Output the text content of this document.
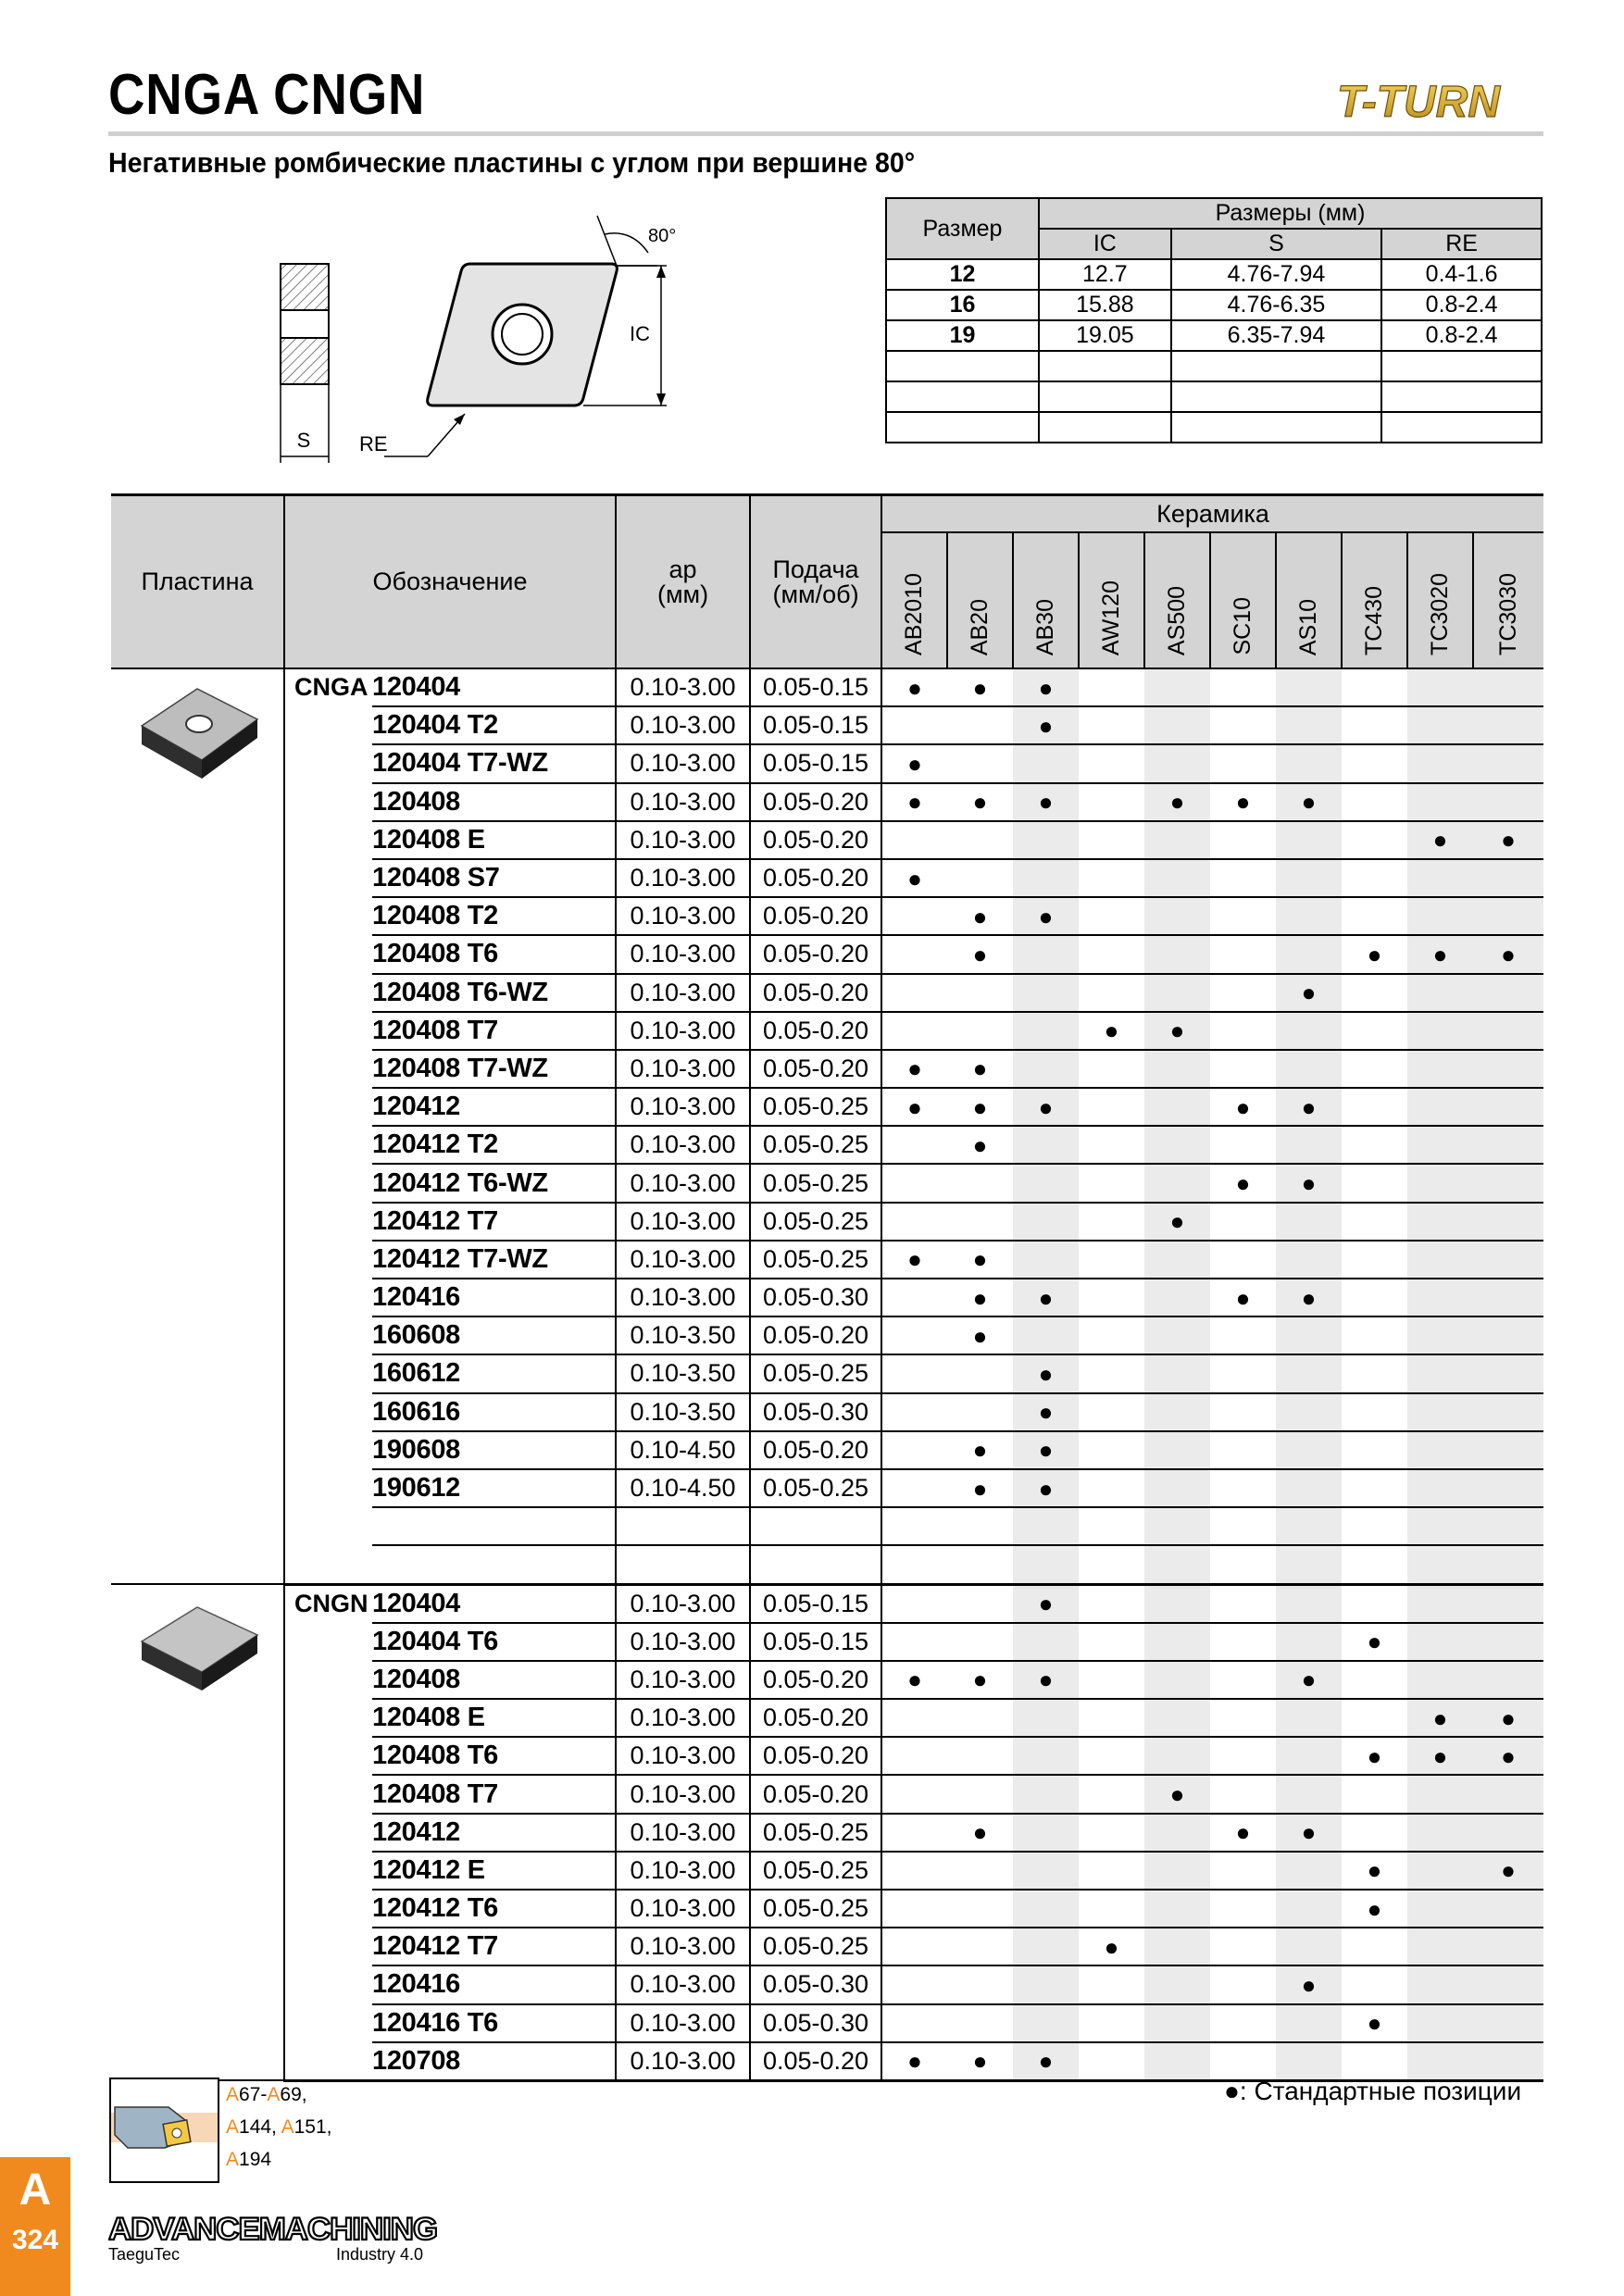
CNGA CNGN	T-TURN
Негативные ромбические пластины с углом при вершине 80°
S
80°
IC
RE
Размер	Размеры (мм)		
	IC	S	RE
12	12.7	4.76-7.94	0.4-1.6
16	15.88	4.76-6.35	0.8-2.4
19	19.05	6.35-7.94	0.8-2.4

Пластина	Обозначение		ap
(мм)	Подача
(мм/об)	Керамика									
					AB2010	AB20	AB30	AW120	AS500	SC10	AS10	TC430	TC3020	TC3030
	CNGA	120404	0.10-3.00	0.05-0.15	●	●	●							
		120404 T2	0.10-3.00	0.05-0.15			●							
		120404 T7-WZ	0.10-3.00	0.05-0.15	●									
		120408	0.10-3.00	0.05-0.20	●	●	●		●	●	●			
		120408 E	0.10-3.00	0.05-0.20									●	●
		120408 S7	0.10-3.00	0.05-0.20	●									
		120408 T2	0.10-3.00	0.05-0.20		●	●							
		120408 T6	0.10-3.00	0.05-0.20		●						●	●	●
		120408 T6-WZ	0.10-3.00	0.05-0.20							●			
		120408 T7	0.10-3.00	0.05-0.20				●	●					
		120408 T7-WZ	0.10-3.00	0.05-0.20	●	●								
		120412	0.10-3.00	0.05-0.25	●	●	●			●	●			
		120412 T2	0.10-3.00	0.05-0.25		●								
		120412 T6-WZ	0.10-3.00	0.05-0.25						●	●			
		120412 T7	0.10-3.00	0.05-0.25					●					
		120412 T7-WZ	0.10-3.00	0.05-0.25	●	●								
		120416	0.10-3.00	0.05-0.30		●	●			●	●			
		160608	0.10-3.50	0.05-0.20		●								
		160612	0.10-3.50	0.05-0.25			●							
		160616	0.10-3.50	0.05-0.30			●							
		190608	0.10-4.50	0.05-0.20		●	●							
		190612	0.10-4.50	0.05-0.25		●	●							

	CNGN	120404	0.10-3.00	0.05-0.15			●							
		120404 T6	0.10-3.00	0.05-0.15								●		
		120408	0.10-3.00	0.05-0.20	●	●	●				●			
		120408 E	0.10-3.00	0.05-0.20									●	●
		120408 T6	0.10-3.00	0.05-0.20								●	●	●
		120408 T7	0.10-3.00	0.05-0.20					●					
		120412	0.10-3.00	0.05-0.25		●				●	●			
		120412 E	0.10-3.00	0.05-0.25								●		●
		120412 T6	0.10-3.00	0.05-0.25								●		
		120412 T7	0.10-3.00	0.05-0.25				●						
		120416	0.10-3.00	0.05-0.30							●			
		120416 T6	0.10-3.00	0.05-0.30								●		
		120708	0.10-3.00	0.05-0.20	●	●	●							
A67-A69,
A144, A151,
A194
●: Стандартные позиции
A
324	ADVANCEMACHINING
TaeguTec	Industry 4.0
